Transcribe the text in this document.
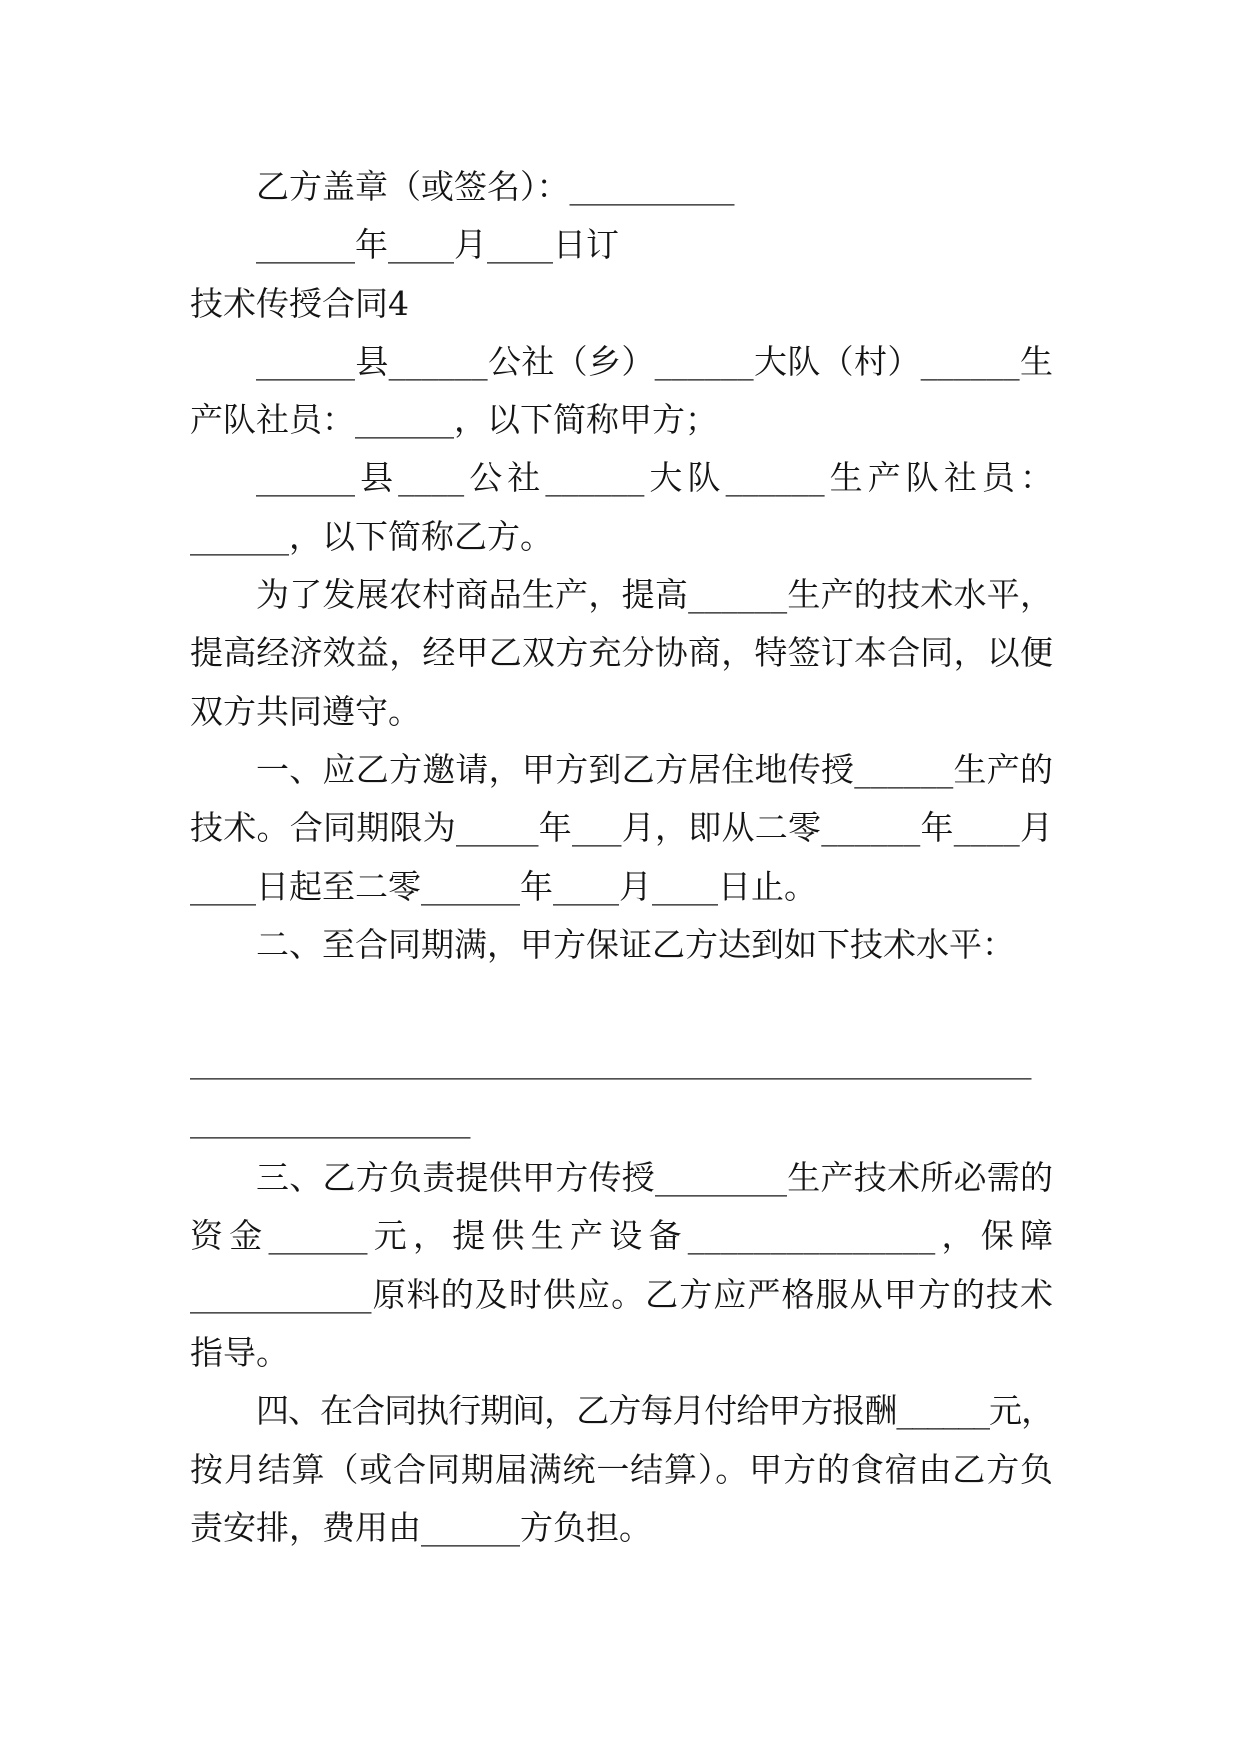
乙方盖章（或签名）：__________
______年____月____日订
技术传授合同4
______县______公社（乡）______大队（村）______生
产队社员：______，以下简称甲方；
______县____公社______大队______生产队社员：
______，以下简称乙方。
为了发展农村商品生产，提高______生产的技术水平，
提高经济效益，经甲乙双方充分协商，特签订本合同，以便
双方共同遵守。
一、应乙方邀请，甲方到乙方居住地传授______生产的
技术。合同期限为_____年___月，即从二零______年____月
____日起至二零______年____月____日止。
二、至合同期满，甲方保证乙方达到如下技术水平：
___________________________________________________
_________________
三、乙方负责提供甲方传授________生产技术所必需的
资金______元，提供生产设备_______________，保障
___________原料的及时供应。乙方应严格服从甲方的技术
指导。
四、在合同执行期间，乙方每月付给甲方报酬______元，
按月结算（或合同期届满统一结算）。甲方的食宿由乙方负
责安排，费用由______方负担。
